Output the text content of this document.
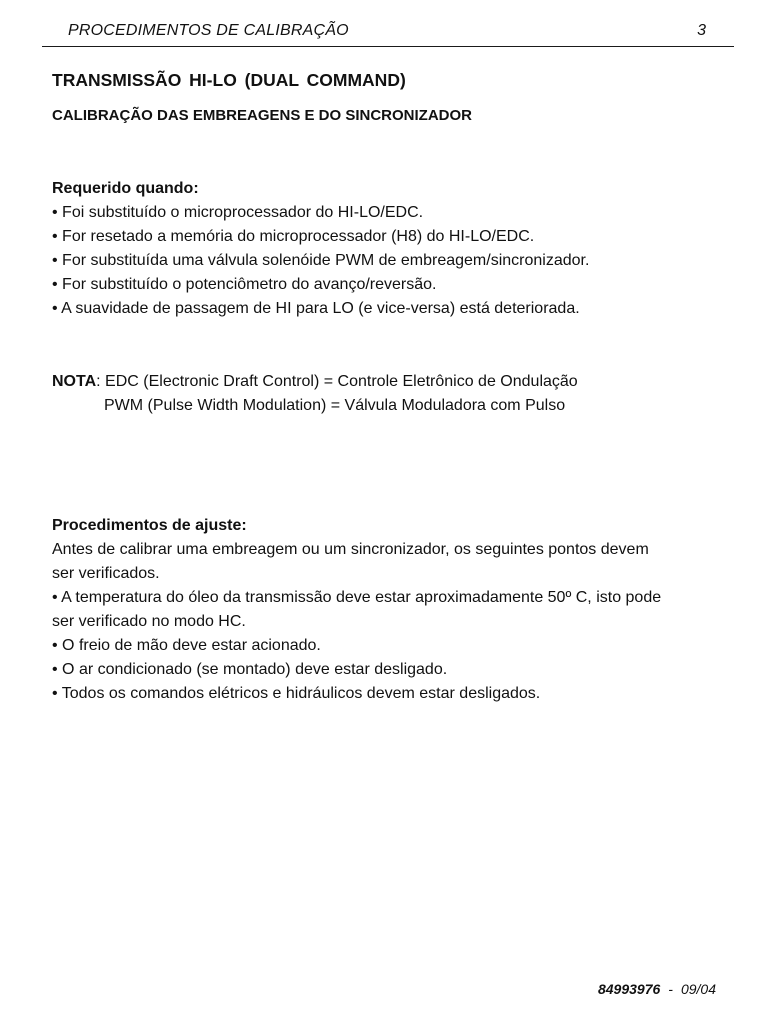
PROCEDIMENTOS DE CALIBRAÇÃO	3
TRANSMISSÃO HI-LO (DUAL COMMAND)
CALIBRAÇÃO DAS EMBREAGENS E DO SINCRONIZADOR

Requerido quando:

• Foi substituído o microprocessador do HI-LO/EDC.

• For resetado a memória do microprocessador (H8) do HI-LO/EDC.

• For substituída uma válvula solenóide PWM de embreagem/sincronizador.

• For substituído o potenciômetro do avanço/reversão.

• A suavidade de passagem de HI para LO (e vice-versa) está deteriorada.

NOTA: EDC (Electronic Draft Control) = Controle Eletrônico de Ondulação

PWM (Pulse Width Modulation) = Válvula Moduladora com Pulso

Procedimentos de ajuste:

Antes de calibrar uma embreagem ou um sincronizador, os seguintes pontos devem

ser verificados.

• A temperatura do óleo da transmissão deve estar aproximadamente 50º C, isto pode

ser verificado no modo HC.

• O freio de mão deve estar acionado.

• O ar condicionado (se montado) deve estar desligado.

• Todos os comandos elétricos e hidráulicos devem estar desligados.

84993976 - 09/04
